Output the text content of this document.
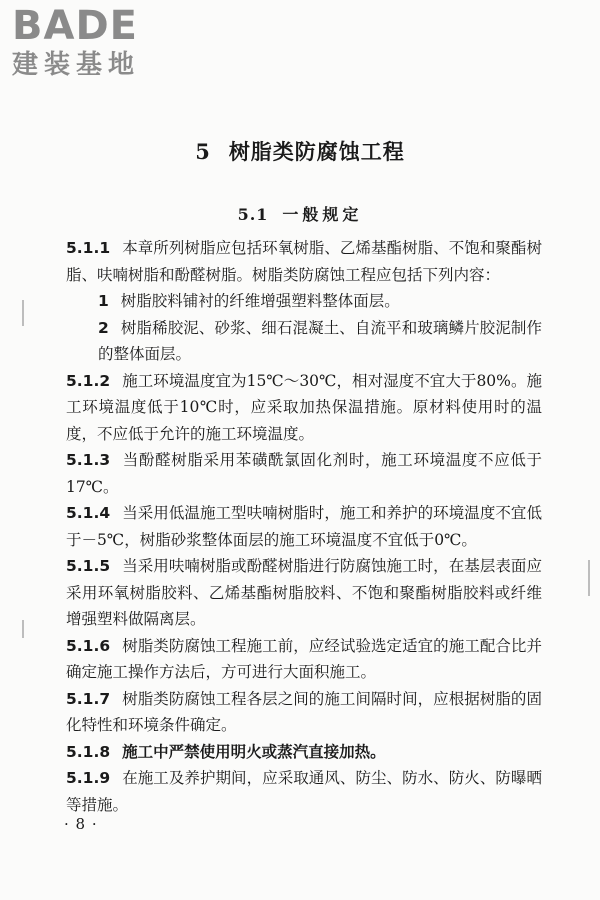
BADE
建装基地
5 树脂类防腐蚀工程
5.1 一般规定

5.1.1 本章所列树脂应包括环氧树脂、乙烯基酯树脂、不饱和聚酯树脂、呋喃树脂和酚醛树脂。树脂类防腐蚀工程应包括下列内容：

1 树脂胶料铺衬的纤维增强塑料整体面层。

2 树脂稀胶泥、砂浆、细石混凝土、自流平和玻璃鳞片胶泥制作的整体面层。

5.1.2 施工环境温度宜为15℃～30℃，相对湿度不宜大于80%。施工环境温度低于10℃时，应采取加热保温措施。原材料使用时的温度，不应低于允许的施工环境温度。

5.1.3 当酚醛树脂采用苯磺酰氯固化剂时，施工环境温度不应低于17℃。

5.1.4 当采用低温施工型呋喃树脂时，施工和养护的环境温度不宜低于－5℃，树脂砂浆整体面层的施工环境温度不宜低于0℃。

5.1.5 当采用呋喃树脂或酚醛树脂进行防腐蚀施工时，在基层表面应采用环氧树脂胶料、乙烯基酯树脂胶料、不饱和聚酯树脂胶料或纤维增强塑料做隔离层。

5.1.6 树脂类防腐蚀工程施工前，应经试验选定适宜的施工配合比并确定施工操作方法后，方可进行大面积施工。

5.1.7 树脂类防腐蚀工程各层之间的施工间隔时间，应根据树脂的固化特性和环境条件确定。

5.1.8 施工中严禁使用明火或蒸汽直接加热。

5.1.9 在施工及养护期间，应采取通风、防尘、防水、防火、防曝晒等措施。

· 8 ·
